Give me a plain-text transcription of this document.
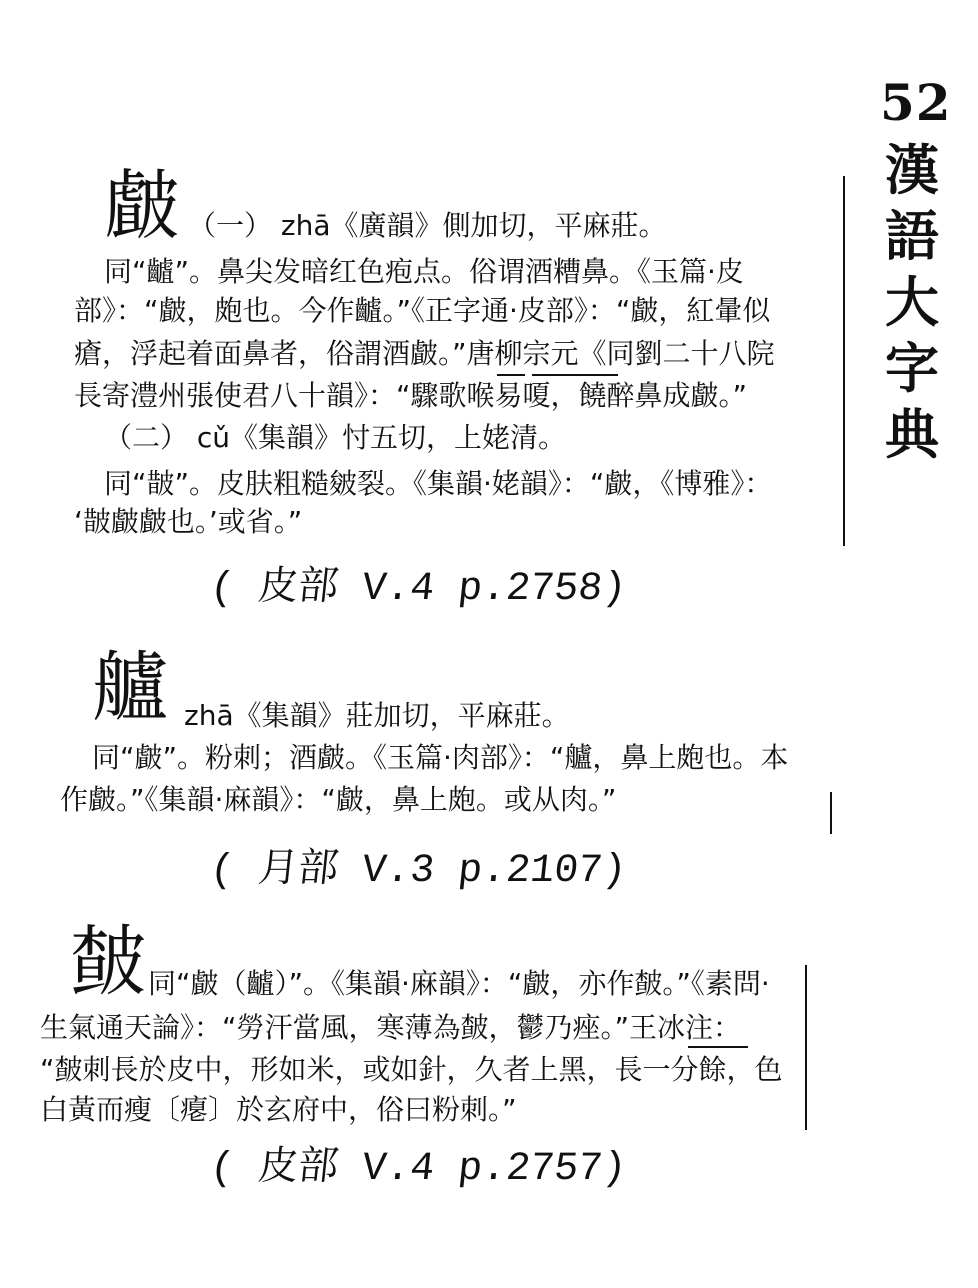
52
漢
語
大
字
典
皻 （一） zhā《廣韻》側加切，平麻莊。
同“䶥”。鼻尖发暗红色疱点。俗谓酒糟鼻。《玉篇·皮
部》：“皻，皰也。今作䶥。”《正字通·皮部》：“皻，紅暈似
瘡，浮起着面鼻者，俗謂酒皻。”唐柳宗元《同劉二十八院
長寄澧州張使君八十韻》：“驟歌喉易嗄，饒醉鼻成皻。”
（二） cǔ《集韻》忖五切，上姥清。
同“皵”。皮肤粗糙皴裂。《集韻·姥韻》：“皻，《博雅》：
‘皵皻皻也。’或省。”
( 皮部 V.4 p.2758)
艫 zhā《集韻》莊加切，平麻莊。
同“皻”。粉刺；酒皻。《玉篇·肉部》：“艫，鼻上皰也。本
作皻。”《集韻·麻韻》：“皻，鼻上皰。或从肉。”
( 月部 V.3 p.2107)
皶 同“皻（䶥）”。《集韻·麻韻》：“皻，亦作皶。”《素問·
生氣通天論》：“勞汗當風，寒薄為皶，鬱乃痤。”王冰注：
“皶刺長於皮中，形如米，或如針，久者上黑，長一分餘，色
白黃而瘦〔瘪〕於玄府中，俗曰粉刺。”
( 皮部 V.4 p.2757)
